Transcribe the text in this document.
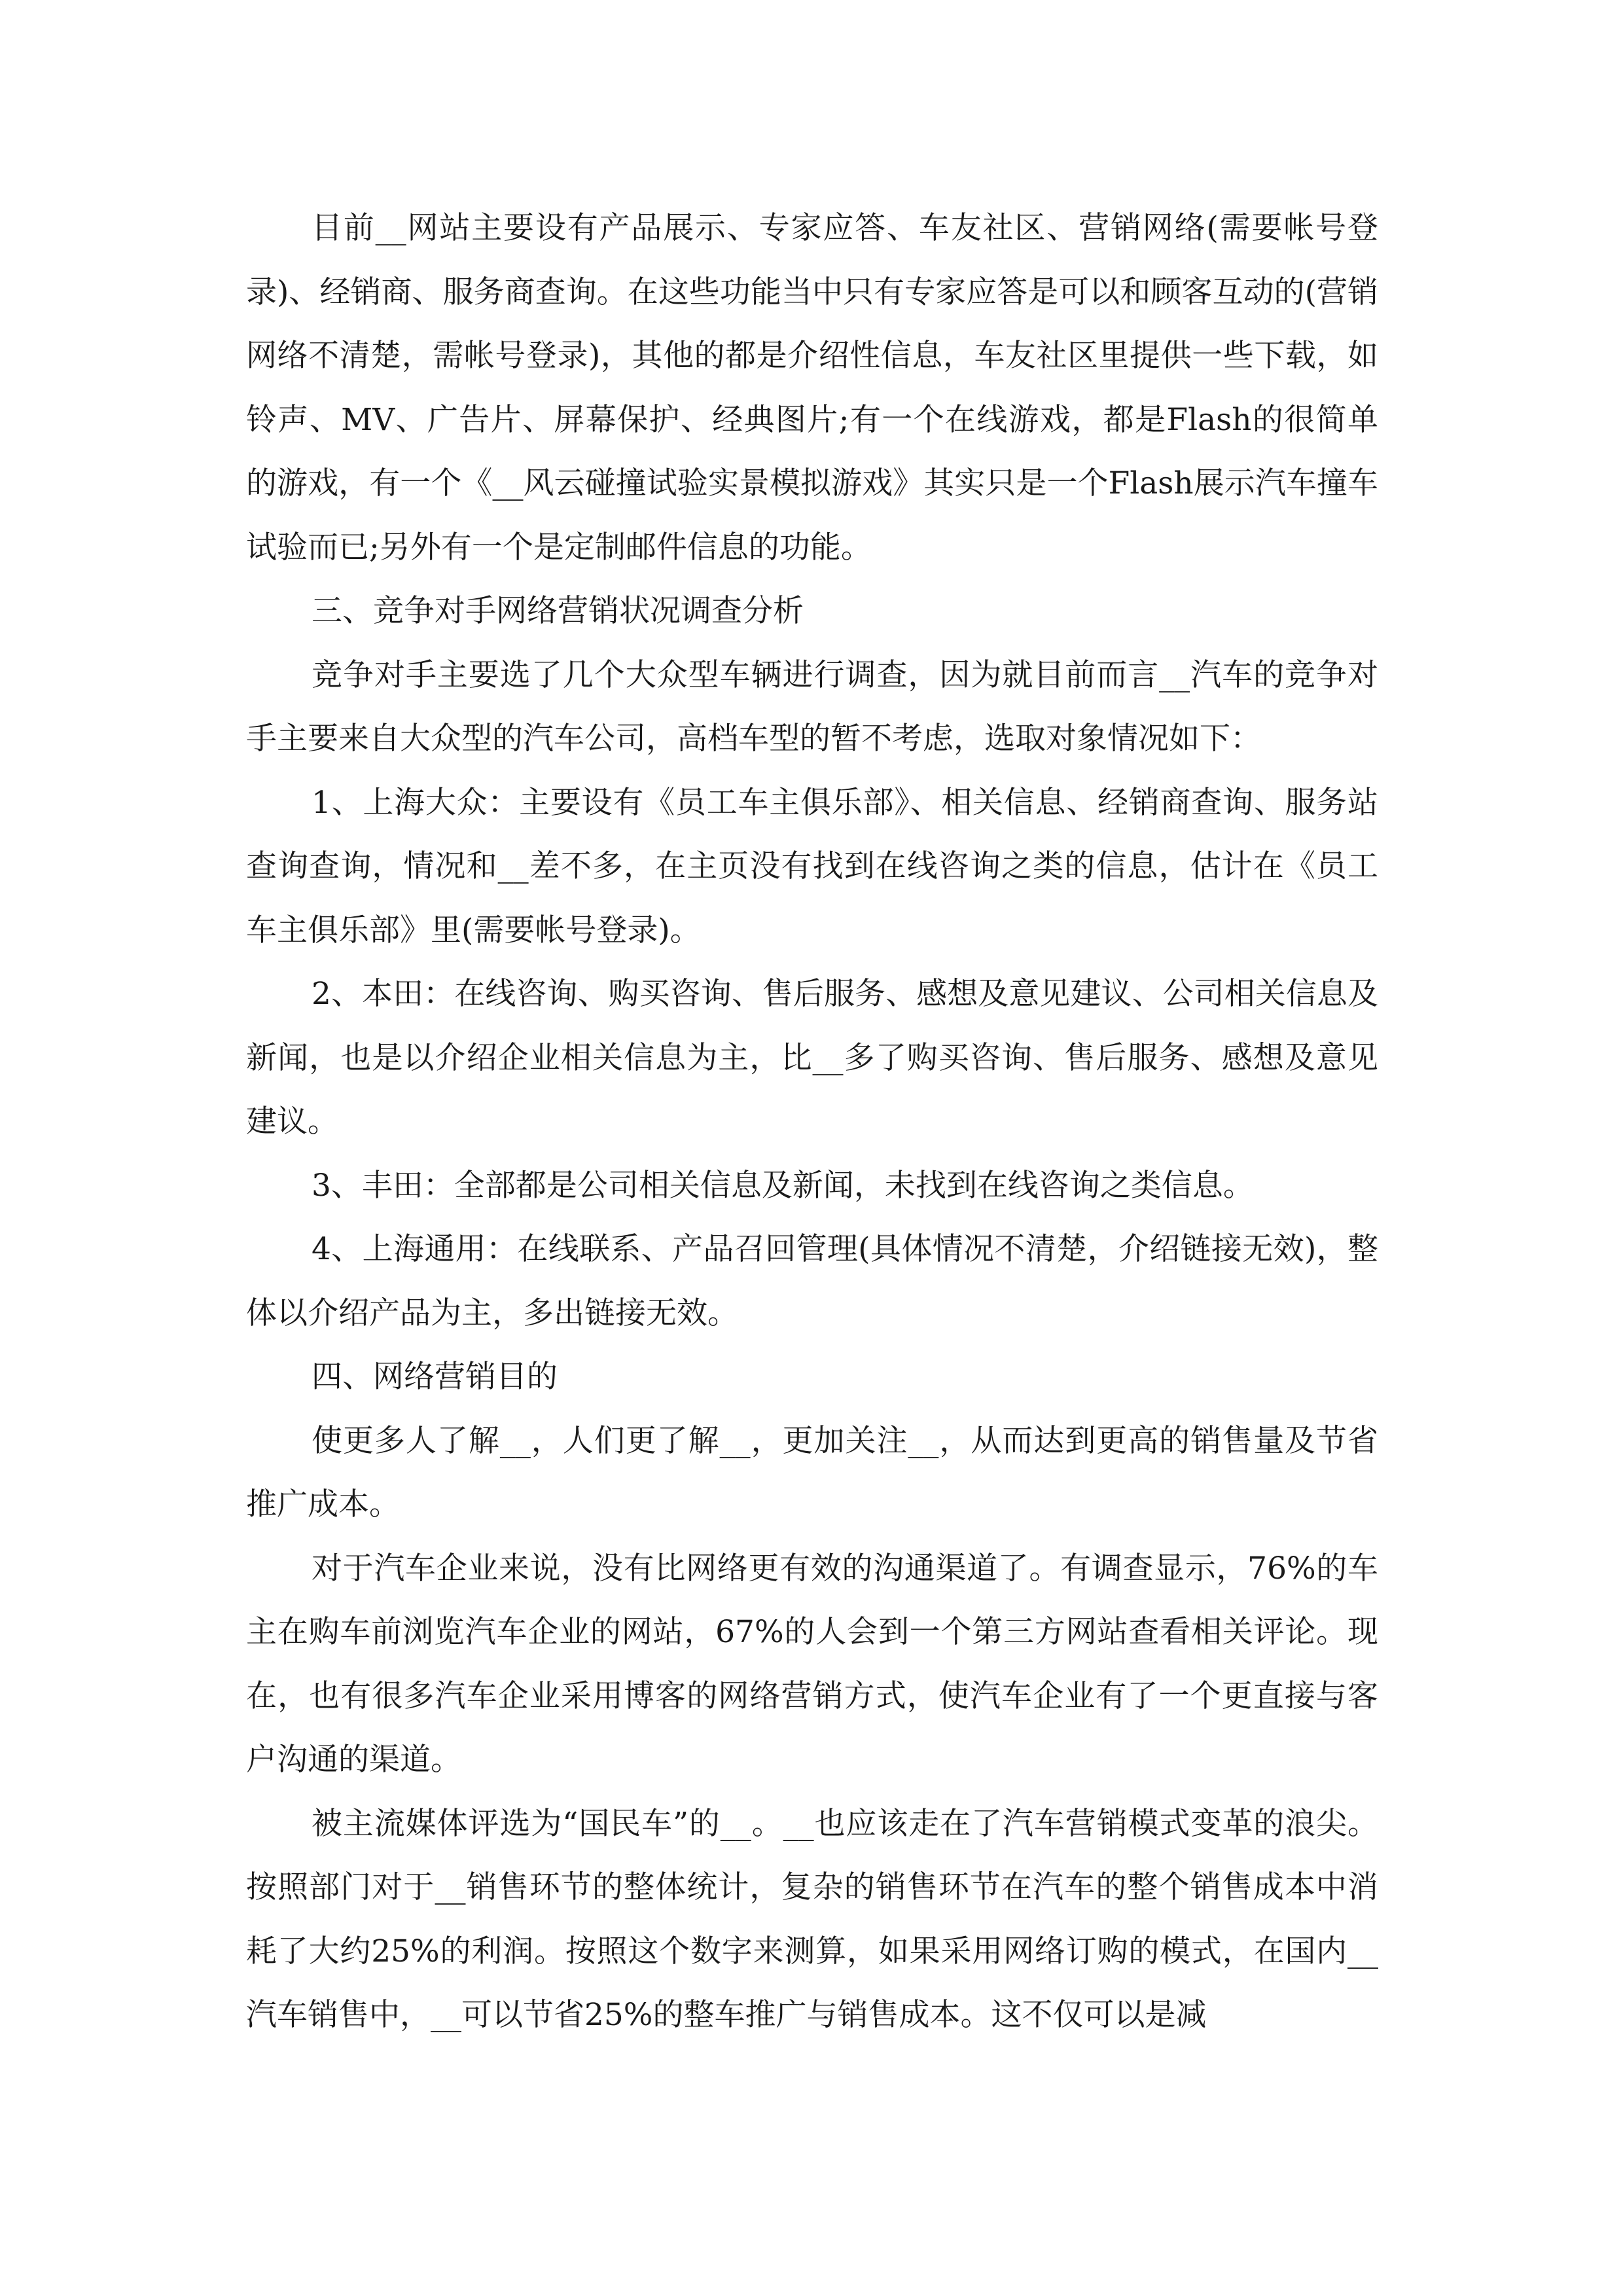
目前__网站主要设有产品展示、专家应答、车友社区、营销网络(需要帐号登录)、经销商、服务商查询。在这些功能当中只有专家应答是可以和顾客互动的(营销网络不清楚，需帐号登录)，其他的都是介绍性信息，车友社区里提供一些下载，如铃声、MV、广告片、屏幕保护、经典图片;有一个在线游戏，都是Flash的很简单的游戏，有一个《__风云碰撞试验实景模拟游戏》其实只是一个Flash展示汽车撞车试验而已;另外有一个是定制邮件信息的功能。

三、竞争对手网络营销状况调查分析

竞争对手主要选了几个大众型车辆进行调查，因为就目前而言__汽车的竞争对手主要来自大众型的汽车公司，高档车型的暂不考虑，选取对象情况如下：

1、上海大众：主要设有《员工车主俱乐部》、相关信息、经销商查询、服务站查询查询，情况和__差不多，在主页没有找到在线咨询之类的信息，估计在《员工车主俱乐部》里(需要帐号登录)。

2、本田：在线咨询、购买咨询、售后服务、感想及意见建议、公司相关信息及新闻，也是以介绍企业相关信息为主，比__多了购买咨询、售后服务、感想及意见建议。

3、丰田：全部都是公司相关信息及新闻，未找到在线咨询之类信息。

4、上海通用：在线联系、产品召回管理(具体情况不清楚，介绍链接无效)，整体以介绍产品为主，多出链接无效。

四、网络营销目的

使更多人了解__，人们更了解__，更加关注__，从而达到更高的销售量及节省推广成本。

对于汽车企业来说，没有比网络更有效的沟通渠道了。有调查显示，76%的车主在购车前浏览汽车企业的网站，67%的人会到一个第三方网站查看相关评论。现在，也有很多汽车企业采用博客的网络营销方式，使汽车企业有了一个更直接与客户沟通的渠道。

被主流媒体评选为“国民车”的__。__也应该走在了汽车营销模式变革的浪尖。按照部门对于__销售环节的整体统计，复杂的销售环节在汽车的整个销售成本中消耗了大约25%的利润。按照这个数字来测算，如果采用网络订购的模式，在国内__汽车销售中，__可以节省25%的整车推广与销售成本。这不仅可以是减
